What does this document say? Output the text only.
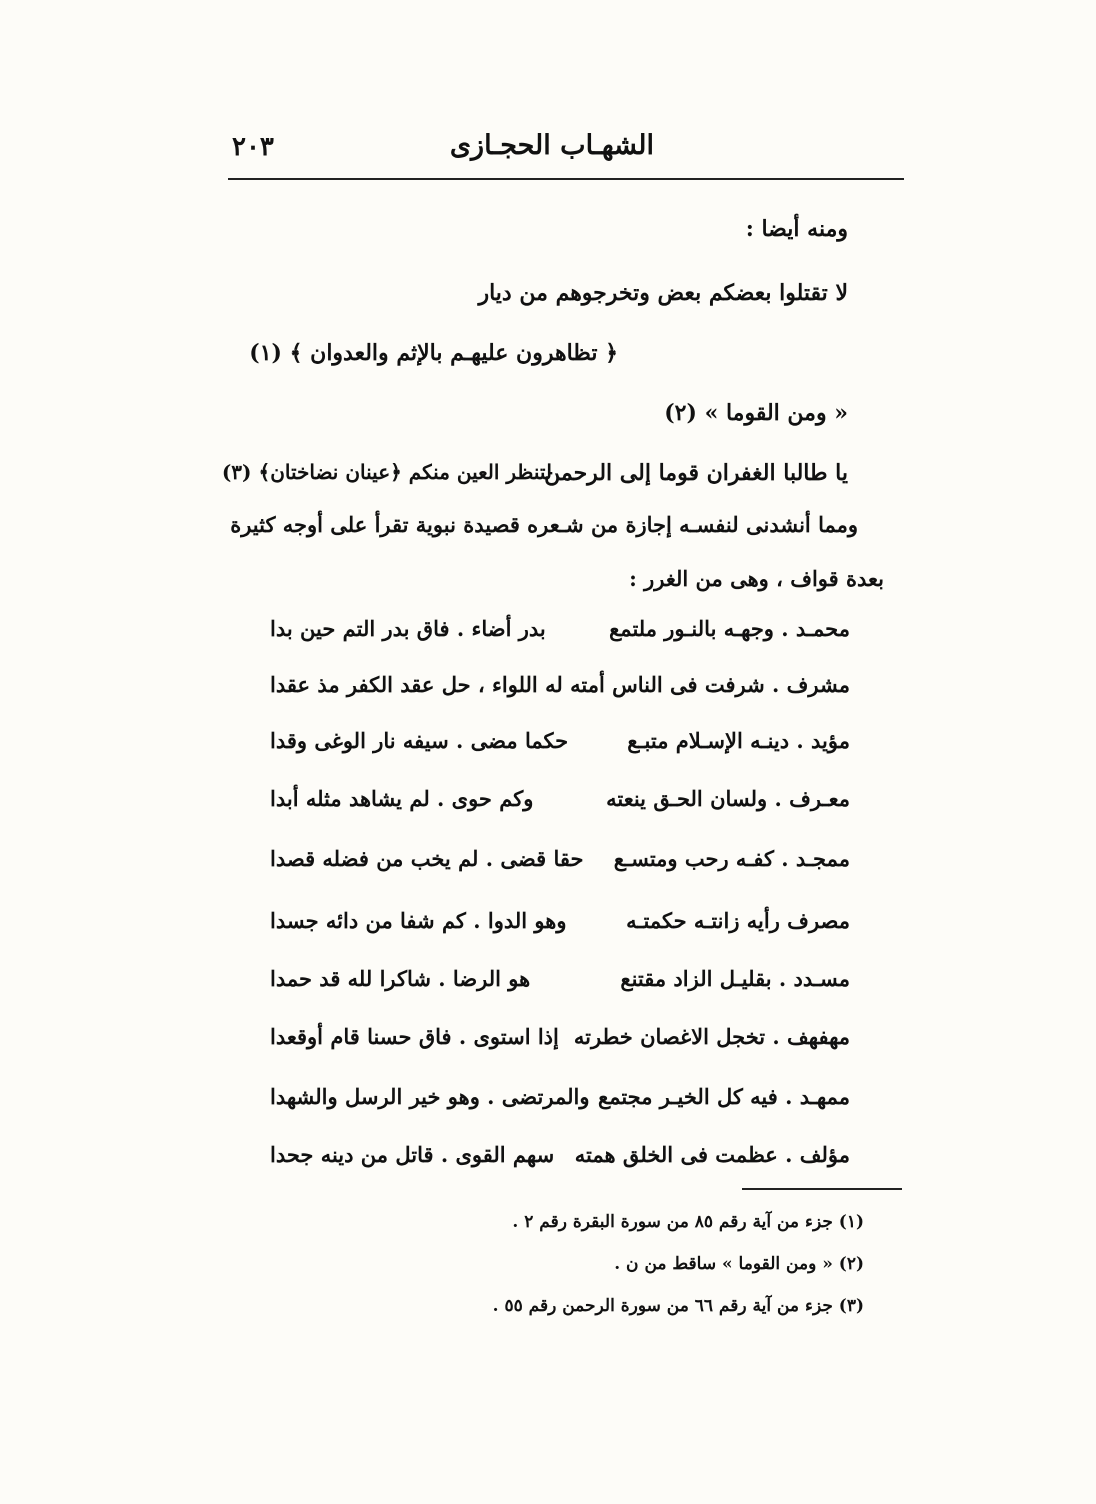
الشهـاب الحجـازى
٢٠٣
ومنه أيضا :
لا تقتلوا بعضكم بعض وتخرجوهم من ديار
﴿ تظاهرون عليهـم بالإثم والعدوان ﴾ (١)
« ومن القوما » (٢)
يا طالبا الغفران قوما إلى الرحمن
لتنظر العين منكم ﴿عينان نضاختان﴾ (٣)
ومما أنشدنى لنفسـه إجازة من شـعره قصيدة نبوية تقرأ على أوجه كثيرة
بعدة قواف ، وهى من الغرر :
محمـد . وجهـه بالنـور ملتمع
بدر أضاء . فاق بدر التم حين بدا
مشرف . شرفت فى الناس أمته
له اللواء ، حل عقد الكفر مذ عقدا
مؤيد . دينـه الإسـلام متبـع
حكما مضى . سيفه نار الوغى وقدا
معـرف . ولسان الحـق ينعته
وكم حوى . لم يشاهد مثله أبدا
ممجـد . كفـه رحب ومتسـع
حقا قضى . لم يخب من فضله قصدا
مصرف رأيه زانتـه حكمتـه
وهو الدوا . كم شفا من دائه جسدا
مسـدد . بقليـل الزاد مقتنع
هو الرضا . شاكرا لله قد حمدا
مهفهف . تخجل الاغصان خطرته
إذا استوى . فاق حسنا قام أوقعدا
ممهـد . فيه كل الخيـر مجتمع
والمرتضى . وهو خير الرسل والشهدا
مؤلف . عظمت فى الخلق همته
سهم القوى . قاتل من دينه جحدا
(١) جزء من آية رقم ٨٥ من سورة البقرة رقم ٢ .
(٢) « ومن القوما » ساقط من ن .
(٣) جزء من آية رقم ٦٦ من سورة الرحمن رقم ٥٥ .
